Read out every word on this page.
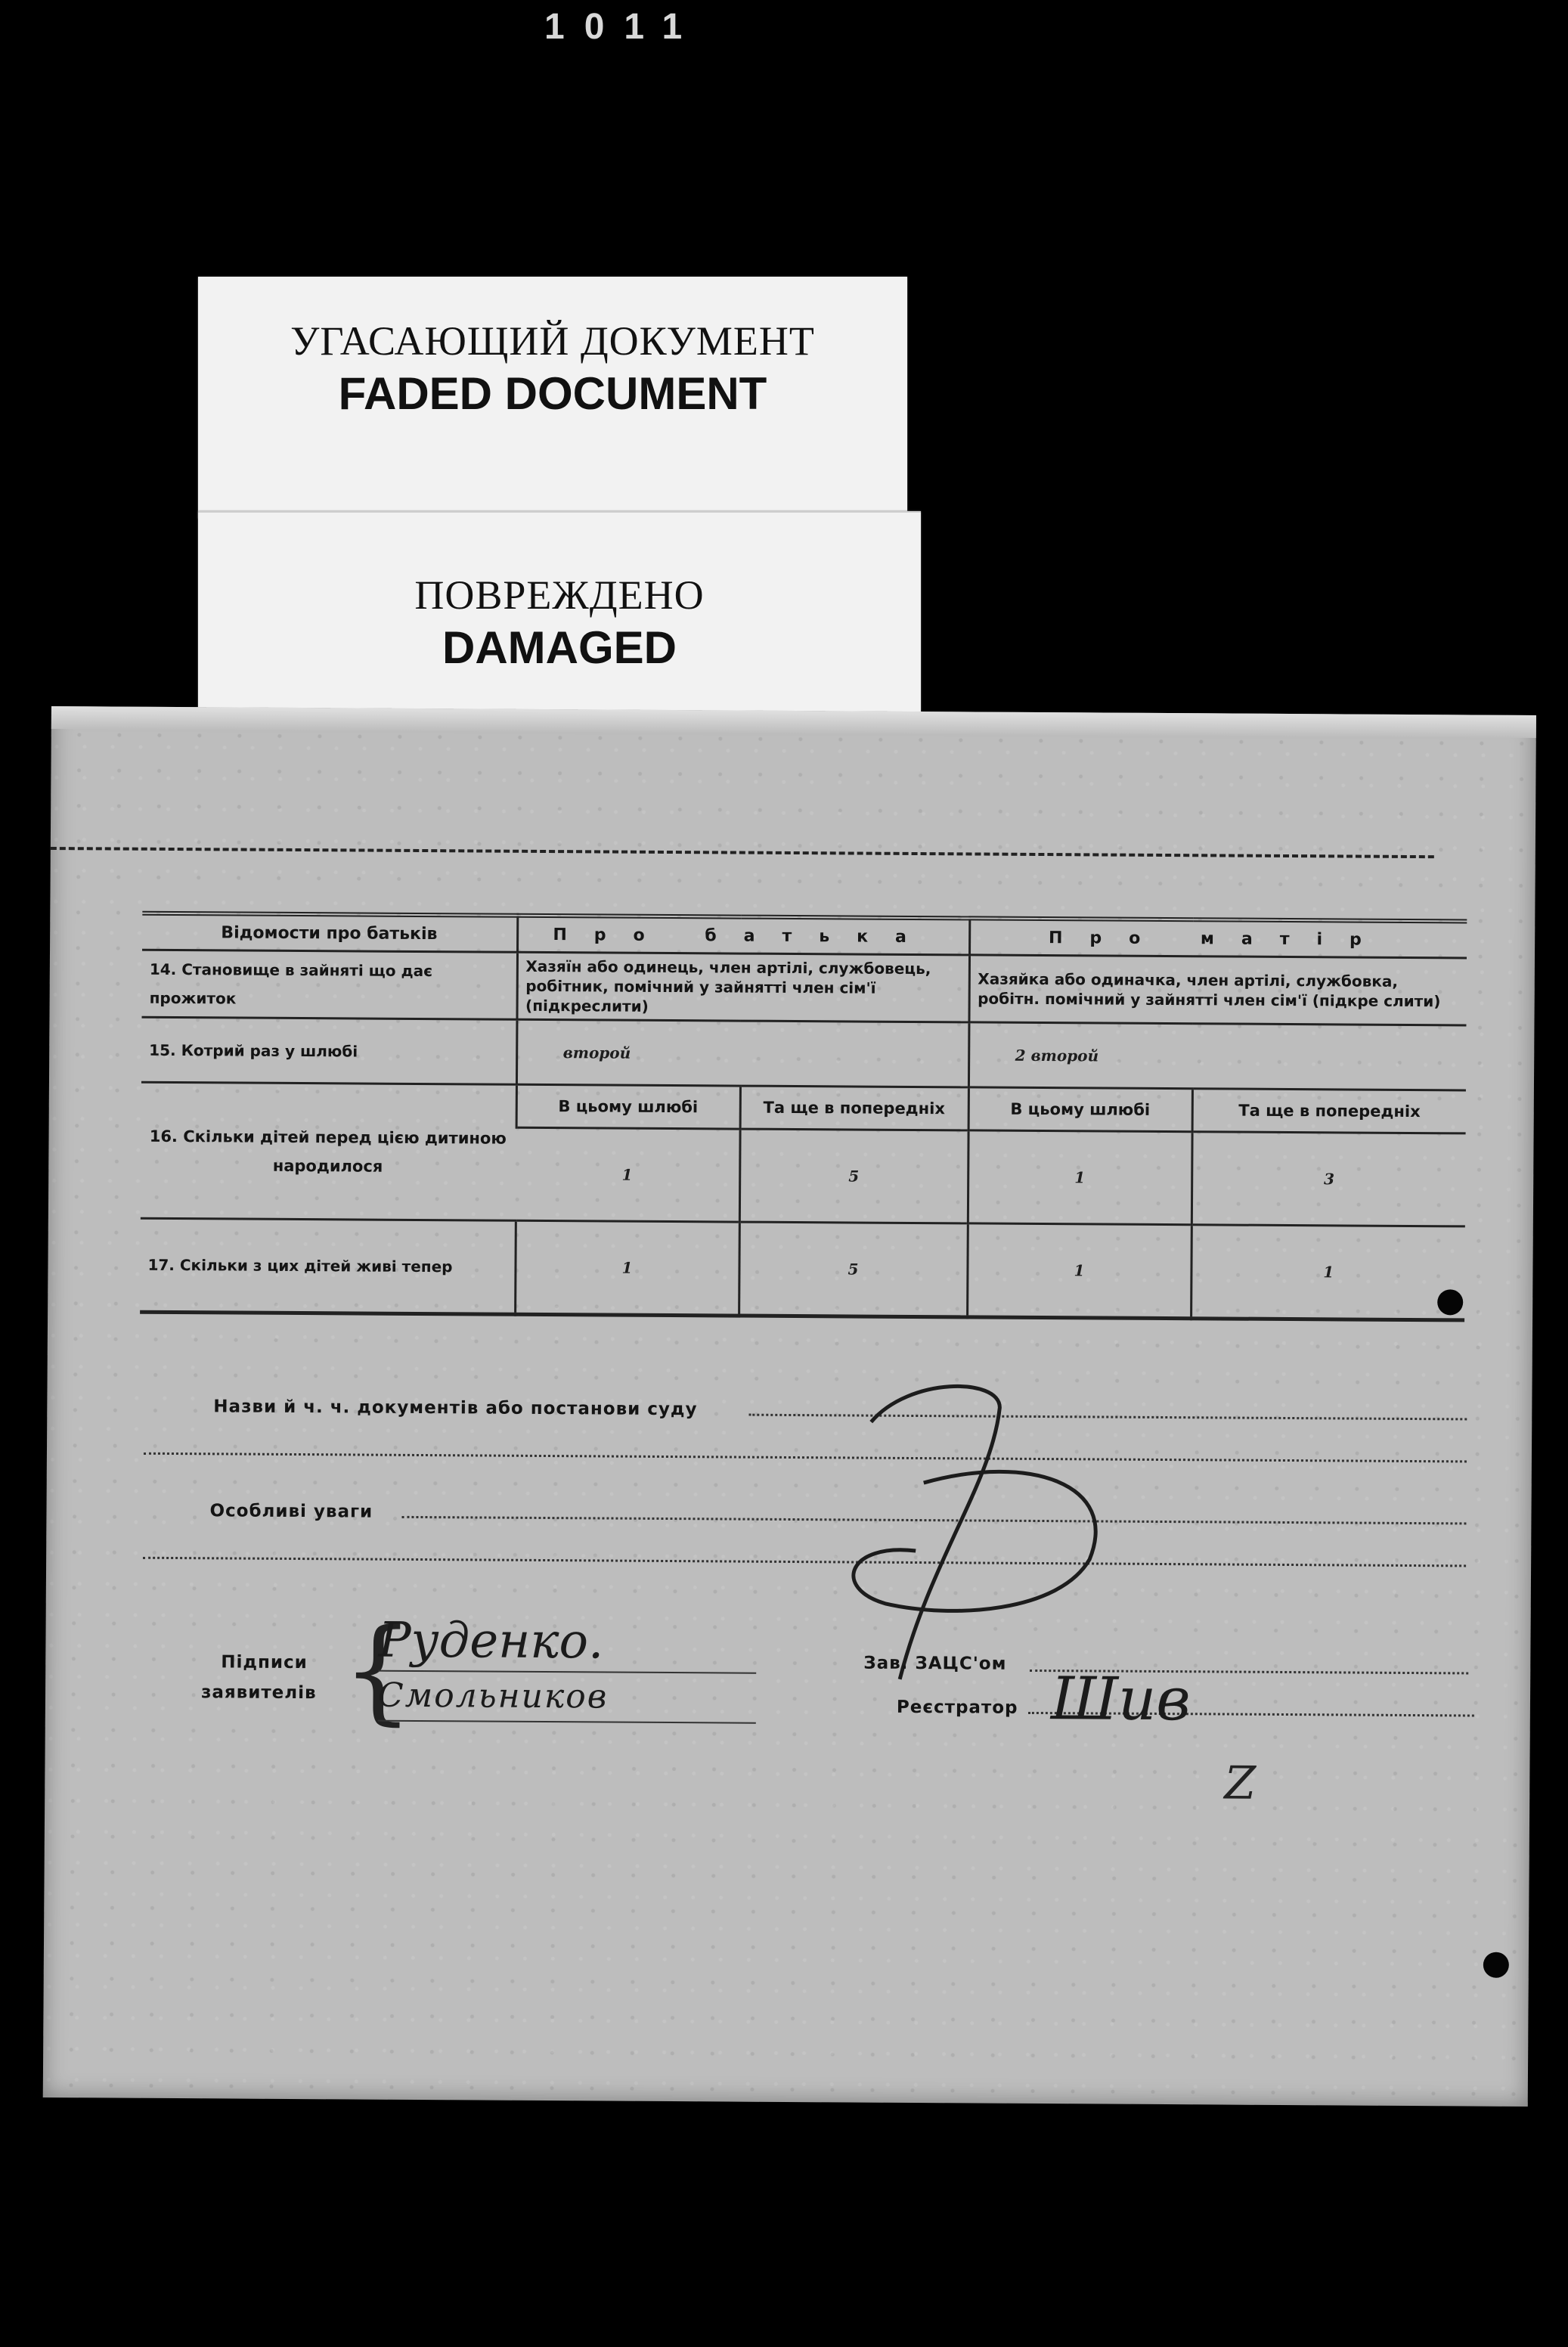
1011
УГАСАЮЩИЙ ДОКУМЕНТ
FADED DOCUMENT
ПОВРЕЖДЕНО
DAMAGED
Відомости про батьків	Про батька		Про матір	
14. Становище в зайняті що дає прожиток	Хазяїн або одинець, член артілі, службовець, робітник, помічний у зайнятті член сім'ї (підкреслити)		Хазяйка або одиначка, член артілі, службовка, робітн. помічний у зайнятті член сім'ї (підкре слити)	
15. Котрий раз у шлюбі	второй		2 второй	
16. Скільки дітей перед цією дитиною народилося	В цьому шлюбі	Та ще в попередніх	В цьому шлюбі	Та ще в попередніх
	1	5	1	3
17. Скільки з цих дітей живі тепер	1	5	1	1
Назви й ч. ч. документів або постанови суду
Особливі уваги
Підписи
заявителів {
Руденко.
Смольников
Зав. ЗАЦС'ом
Реєстратор Шив
Z
